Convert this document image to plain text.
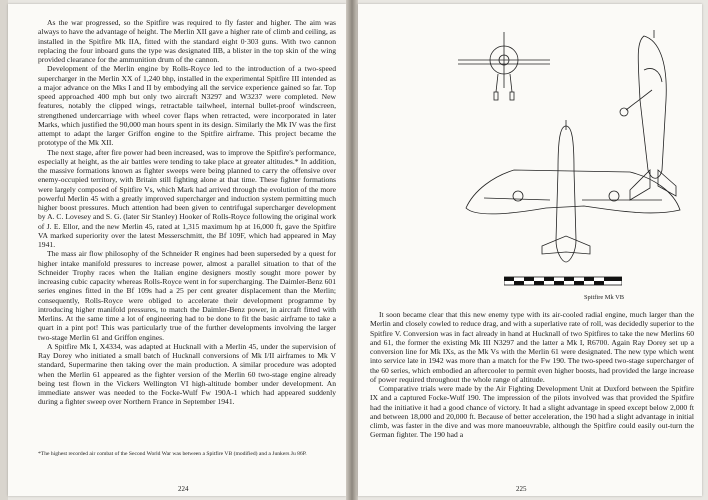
As the war progressed, so the Spitfire was required to fly faster and higher. The aim was always to have the advantage of height. The Merlin XII gave a higher rate of climb and ceiling, as installed in the Spitfire Mk IIA, fitted with the standard eight 0·303 guns. With two cannon replacing the four inboard guns the type was designated IIB, a blister in the top skin of the wing provided clearance for the ammunition drum of the cannon.

Development of the Merlin engine by Rolls-Royce led to the introduction of a two-speed supercharger in the Merlin XX of 1,240 bhp, installed in the experimental Spitfire III intended as a major advance on the Mks I and II by embodying all the service experience gained so far. Top speed approached 400 mph but only two aircraft N3297 and W3237 were completed. New features, notably the clipped wings, retractable tailwheel, internal bullet-proof windscreen, strengthened undercarriage with wheel cover flaps when retracted, were incorporated in later Marks, which justified the 90,000 man hours spent in its design. Similarly the Mk IV was the first attempt to adapt the larger Griffon engine to the Spitfire airframe. This project became the prototype of the Mk XII.

The next stage, after fire power had been increased, was to improve the Spitfire's performance, especially at height, as the air battles were tending to take place at greater altitudes.* In addition, the massive formations known as fighter sweeps were being planned to carry the offensive over enemy-occupied territory, with Britain still fighting alone at that time. These fighter formations were largely composed of Spitfire Vs, which Mark had arrived through the evolution of the more powerful Merlin 45 with a greatly improved supercharger and induction system permitting much higher boost pressures. Much attention had been given to centrifugal supercharger development by A. C. Lovesey and S. G. (later Sir Stanley) Hooker of Rolls-Royce following the original work of J. E. Ellor, and the new Merlin 45, rated at 1,315 maximum hp at 16,000 ft, gave the Spitfire VA marked superiority over the latest Messerschmitt, the Bf 109F, which had appeared in May 1941.

The mass air flow philosophy of the Schneider R engines had been superseded by a quest for higher intake manifold pressures to increase power, almost a parallel situation to that of the Schneider Trophy races when the Italian engine designers mostly sought more power by increasing cubic capacity whereas Rolls-Royce went in for supercharging. The Daimler-Benz 601 series engines fitted in the Bf 109s had a 25 per cent greater displacement than the Merlin; consequently, Rolls-Royce were obliged to accelerate their development programme by introducing higher manifold pressures, to match the Daimler-Benz power, in aircraft fitted with Merlins. At the same time a lot of engineering had to be done to fit the basic airframe to take a quart in a pint pot! This was particularly true of the further developments involving the larger two-stage Merlin 61 and Griffon engines.

A Spitfire Mk I, X4334, was adapted at Hucknall with a Merlin 45, under the supervision of Ray Dorey who initiated a small batch of Hucknall conversions of Mk I/II airframes to Mk V standard, Supermarine then taking over the main production. A similar procedure was adopted when the Merlin 61 appeared as the fighter version of the Merlin 60 two-stage engine already being test flown in the Vickers Wellington VI high-altitude bomber under development. An immediate answer was needed to the Focke-Wulf Fw 190A-1 which had appeared suddenly during a fighter sweep over Northern France in September 1941.

*The highest recorded air combat of the Second World War was between a Spitfire VB (modified) and a Junkers Ju 86P.
224
Spitfire Mk VB

It soon became clear that this new enemy type with its air-cooled radial engine, much larger than the Merlin and closely cowled to reduce drag, and with a superlative rate of roll, was decidedly superior to the Spitfire V. Conversion was in fact already in hand at Hucknall of two Spitfires to take the new Merlins 60 and 61, the former the existing Mk III N3297 and the latter a Mk I, R6700. Again Ray Dorey set up a conversion line for Mk IXs, as the Mk Vs with the Merlin 61 were designated. The new type which went into service late in 1942 was more than a match for the Fw 190. The two-speed two-stage supercharger of the 60 series, which embodied an aftercooler to permit even higher boosts, had provided the large increase of power required throughout the whole range of altitude.

Comparative trials were made by the Air Fighting Development Unit at Duxford between the Spitfire IX and a captured Focke-Wulf 190. The impression of the pilots involved was that provided the Spitfire had the initiative it had a good chance of victory. It had a slight advantage in speed except below 2,000 ft and between 18,000 and 20,000 ft. Because of better acceleration, the 190 had a slight advantage in initial climb, was faster in the dive and was more manoeuvrable, although the Spitfire could easily out-turn the German fighter. The 190 had a

225
